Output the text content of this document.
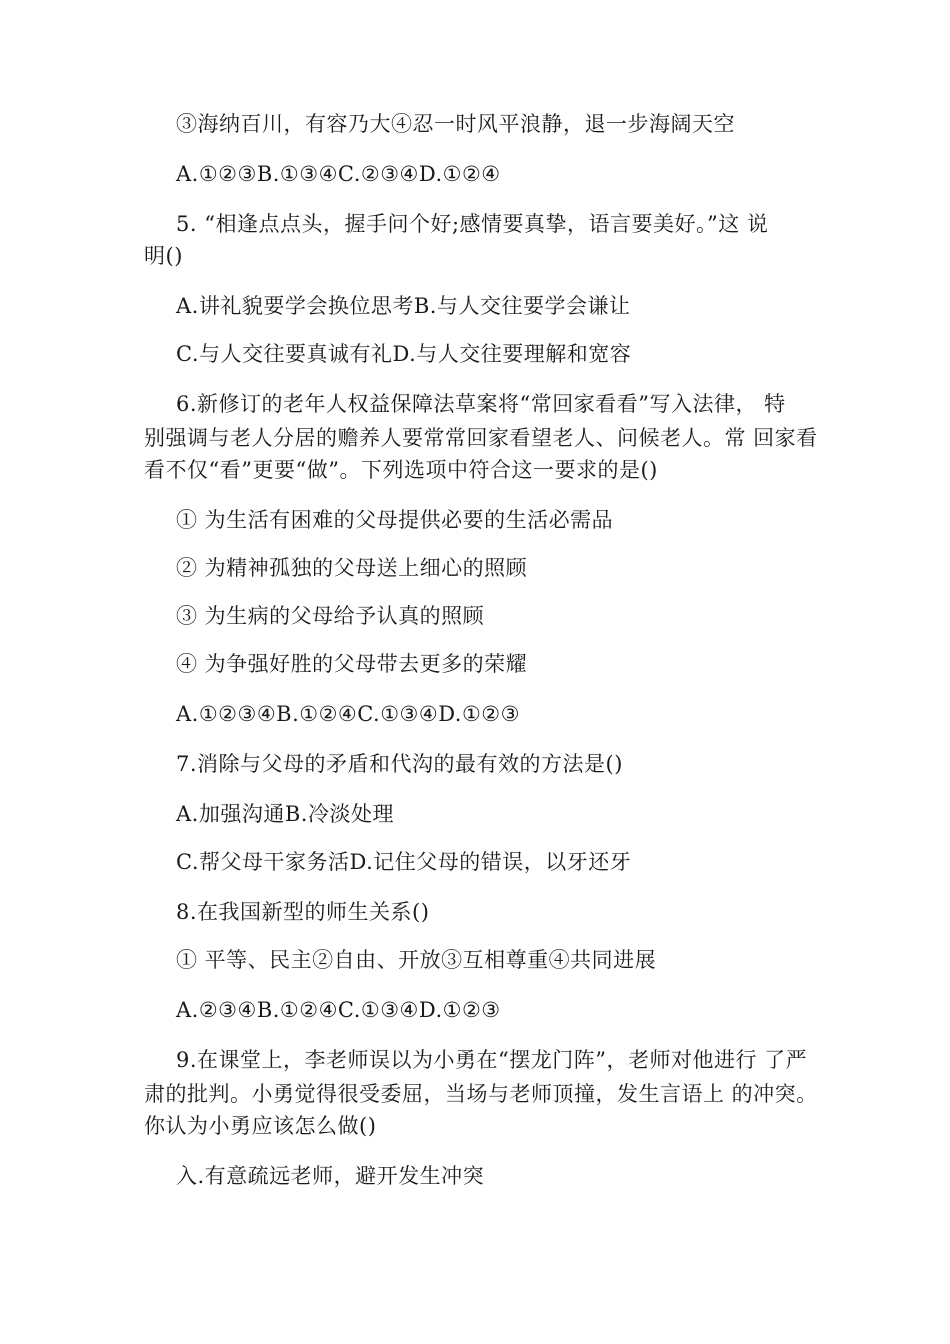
③海纳百川，有容乃大④忍一时风平浪静，退一步海阔天空
A.①②③B.①③④C.②③④D.①②④
5. “相逢点点头，握手问个好;感情要真挚，语言要美好。”这 说
明()
A.讲礼貌要学会换位思考B.与人交往要学会谦让
C.与人交往要真诚有礼D.与人交往要理解和宽容
6.新修订的老年人权益保障法草案将“常回家看看”写入法律， 特
别强调与老人分居的赡养人要常常回家看望老人、问候老人。常 回家看
看不仅“看”更要“做”。下列选项中符合这一要求的是()
① 为生活有困难的父母提供必要的生活必需品
② 为精神孤独的父母送上细心的照顾
③ 为生病的父母给予认真的照顾
④ 为争强好胜的父母带去更多的荣耀
A.①②③④B.①②④C.①③④D.①②③
7.消除与父母的矛盾和代沟的最有效的方法是()
A.加强沟通B.冷淡处理
C.帮父母干家务活D.记住父母的错误，以牙还牙
8.在我国新型的师生关系()
① 平等、民主②自由、开放③互相尊重④共同进展
A.②③④B.①②④C.①③④D.①②③
9.在课堂上，李老师误以为小勇在“摆龙门阵”，老师对他进行 了严
肃的批判。小勇觉得很受委屈，当场与老师顶撞，发生言语上 的冲突。
你认为小勇应该怎么做()
入.有意疏远老师，避开发生冲突
